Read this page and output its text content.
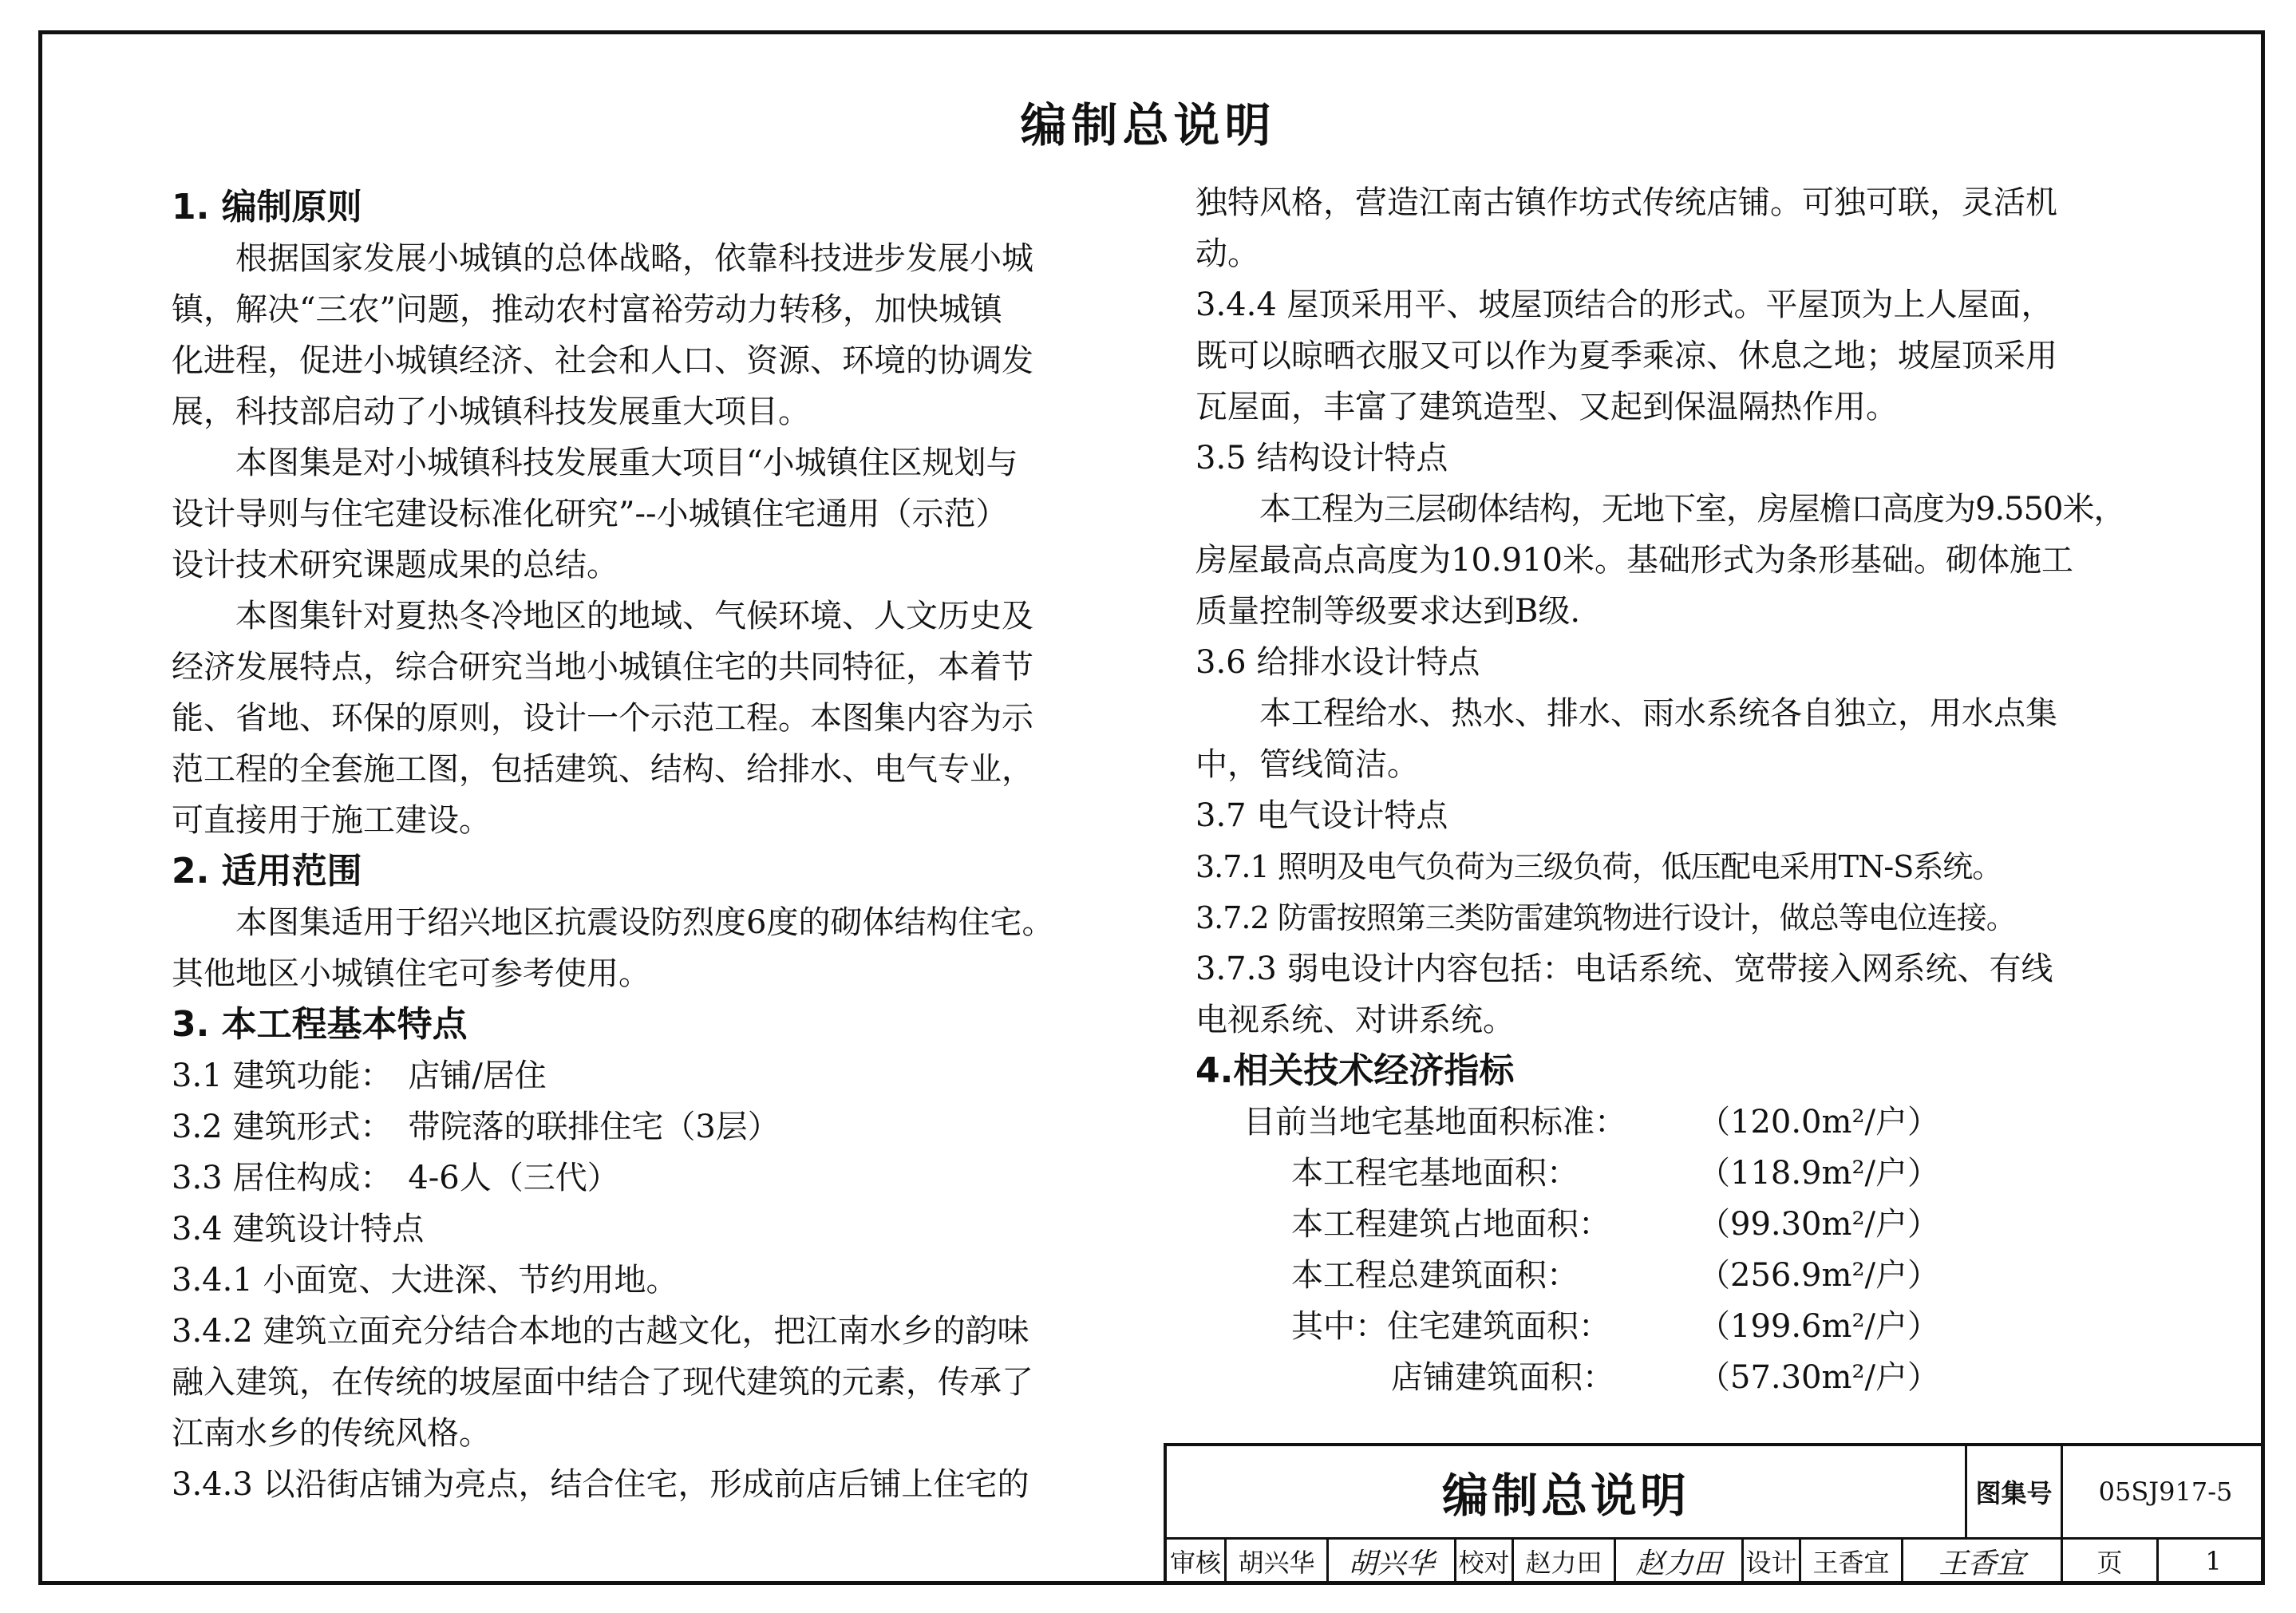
编制总说明

1. 编制原则

根据国家发展小城镇的总体战略，依靠科技进步发展小城

镇，解决“三农”问题，推动农村富裕劳动力转移，加快城镇

化进程，促进小城镇经济、社会和人口、资源、环境的协调发

展，科技部启动了小城镇科技发展重大项目。

本图集是对小城镇科技发展重大项目“小城镇住区规划与

设计导则与住宅建设标准化研究”--小城镇住宅通用（示范）

设计技术研究课题成果的总结。

本图集针对夏热冬冷地区的地域、气候环境、人文历史及

经济发展特点，综合研究当地小城镇住宅的共同特征，本着节

能、省地、环保的原则，设计一个示范工程。本图集内容为示

范工程的全套施工图，包括建筑、结构、给排水、电气专业，

可直接用于施工建设。

2. 适用范围

本图集适用于绍兴地区抗震设防烈度6度的砌体结构住宅。

其他地区小城镇住宅可参考使用。

3. 本工程基本特点

3.1 建筑功能：　店铺/居住

3.2 建筑形式：　带院落的联排住宅（3层）

3.3 居住构成：　4-6人（三代）

3.4 建筑设计特点

3.4.1 小面宽、大进深、节约用地。

3.4.2 建筑立面充分结合本地的古越文化，把江南水乡的韵味

融入建筑，在传统的坡屋面中结合了现代建筑的元素，传承了

江南水乡的传统风格。

3.4.3 以沿街店铺为亮点，结合住宅，形成前店后铺上住宅的

独特风格，营造江南古镇作坊式传统店铺。可独可联，灵活机

动。

3.4.4 屋顶采用平、坡屋顶结合的形式。平屋顶为上人屋面，

既可以晾晒衣服又可以作为夏季乘凉、休息之地；坡屋顶采用

瓦屋面，丰富了建筑造型、又起到保温隔热作用。

3.5 结构设计特点

本工程为三层砌体结构，无地下室，房屋檐口高度为9.550米，

房屋最高点高度为10.910米。基础形式为条形基础。砌体施工

质量控制等级要求达到B级.

3.6 给排水设计特点

本工程给水、热水、排水、雨水系统各自独立，用水点集

中，管线简洁。

3.7 电气设计特点

3.7.1 照明及电气负荷为三级负荷，低压配电采用TN-S系统。

3.7.2 防雷按照第三类防雷建筑物进行设计，做总等电位连接。

3.7.3 弱电设计内容包括：电话系统、宽带接入网系统、有线

电视系统、对讲系统。

4.相关技术经济指标

目前当地宅基地面积标准：	（120.0m²/户）
本工程宅基地面积：	（118.9m²/户）
本工程建筑占地面积：	（99.30m²/户）
本工程总建筑面积：	（256.9m²/户）
其中：住宅建筑面积：	（199.6m²/户）
店铺建筑面积：	（57.30m²/户）
编制总说明	图集号	05SJ917-5
审核 胡兴华	胡兴华 校对 赵力田	赵力田 设计 王香宜	王香宜	页	1
